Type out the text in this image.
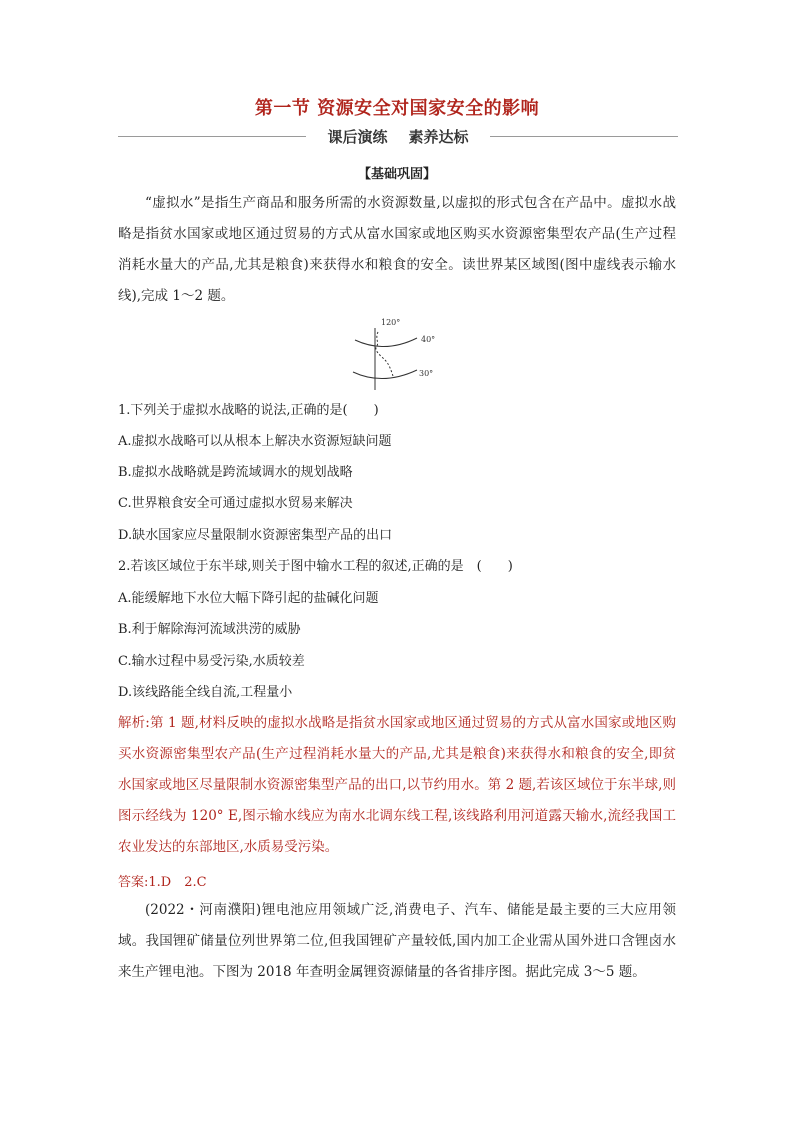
第一节 资源安全对国家安全的影响
课后演练 素养达标
【基础巩固】
“虚拟水”是指生产商品和服务所需的水资源数量,以虚拟的形式包含在产品中。虚拟水战略是指贫水国家或地区通过贸易的方式从富水国家或地区购买水资源密集型农产品(生产过程消耗水量大的产品,尤其是粮食)来获得水和粮食的安全。读世界某区域图(图中虚线表示输水线),完成 1～2 题。
120°
40°
30°
1.下列关于虚拟水战略的说法,正确的是(　　)
A.虚拟水战略可以从根本上解决水资源短缺问题
B.虚拟水战略就是跨流域调水的规划战略
C.世界粮食安全可通过虚拟水贸易来解决
D.缺水国家应尽量限制水资源密集型产品的出口
2.若该区域位于东半球,则关于图中输水工程的叙述,正确的是　(　　)
A.能缓解地下水位大幅下降引起的盐碱化问题
B.利于解除海河流域洪涝的威胁
C.输水过程中易受污染,水质较差
D.该线路能全线自流,工程量小
解析:第 1 题,材料反映的虚拟水战略是指贫水国家或地区通过贸易的方式从富水国家或地区购买水资源密集型农产品(生产过程消耗水量大的产品,尤其是粮食)来获得水和粮食的安全,即贫水国家或地区尽量限制水资源密集型产品的出口,以节约用水。第 2 题,若该区域位于东半球,则图示经线为 120° E,图示输水线应为南水北调东线工程,该线路利用河道露天输水,流经我国工农业发达的东部地区,水质易受污染。
答案:1.D　2.C
(2022・河南濮阳)锂电池应用领域广泛,消费电子、汽车、储能是最主要的三大应用领域。我国锂矿储量位列世界第二位,但我国锂矿产量较低,国内加工企业需从国外进口含锂卤水来生产锂电池。下图为 2018 年查明金属锂资源储量的各省排序图。据此完成 3～5 题。
